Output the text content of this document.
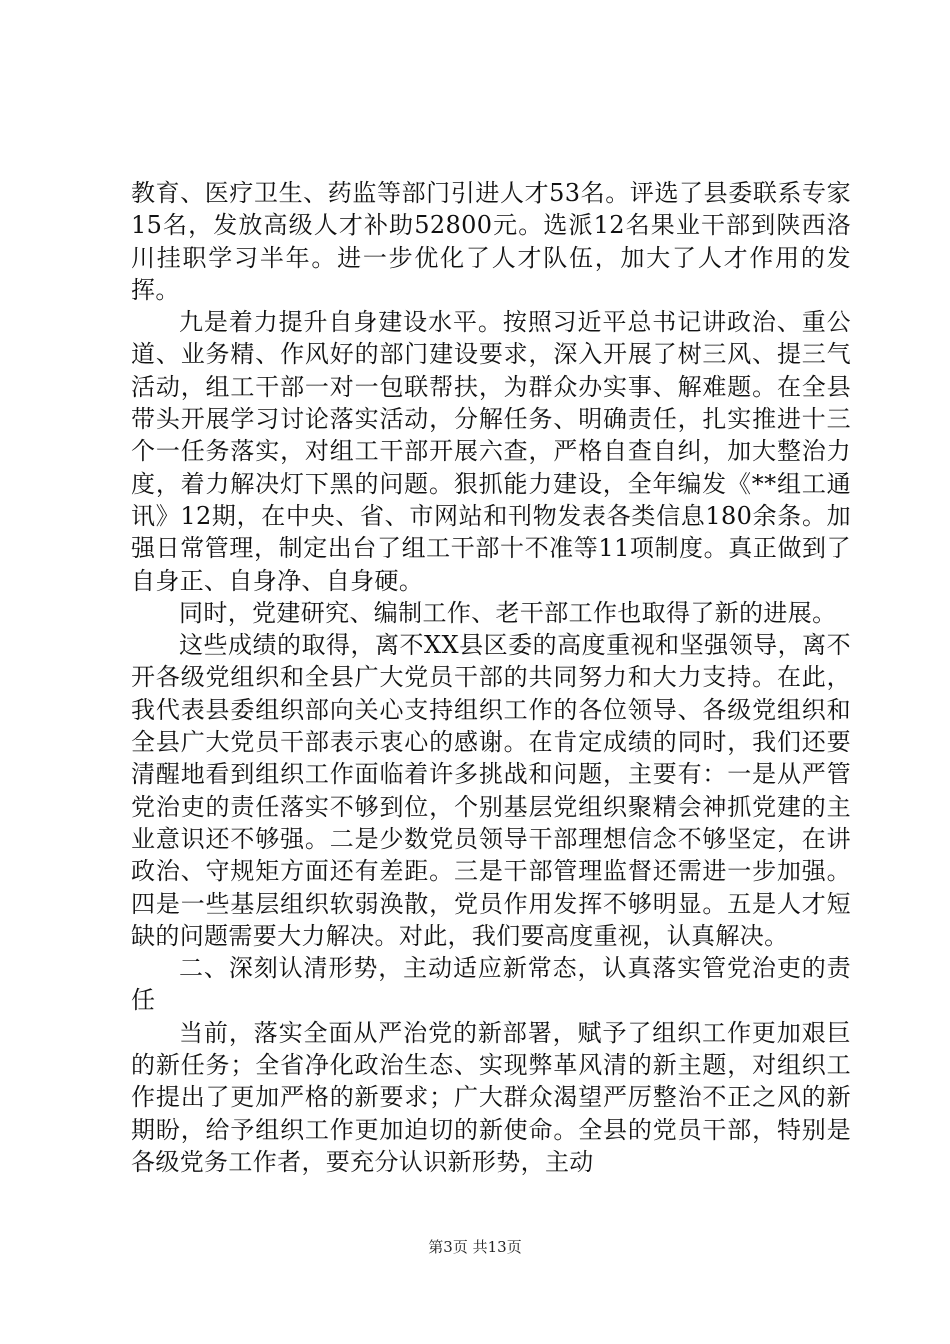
教育、医疗卫生、药监等部门引进人才53名。评选了县委联系专家15名，发放高级人才补助52800元。选派12名果业干部到陕西洛川挂职学习半年。进一步优化了人才队伍，加大了人才作用的发挥。

九是着力提升自身建设水平。按照习近平总书记讲政治、重公道、业务精、作风好的部门建设要求，深入开展了树三风、提三气活动，组工干部一对一包联帮扶，为群众办实事、解难题。在全县带头开展学习讨论落实活动，分解任务、明确责任，扎实推进十三个一任务落实，对组工干部开展六查，严格自查自纠，加大整治力度，着力解决灯下黑的问题。狠抓能力建设，全年编发《**组工通讯》12期，在中央、省、市网站和刊物发表各类信息180余条。加强日常管理，制定出台了组工干部十不准等11项制度。真正做到了自身正、自身净、自身硬。

同时，党建研究、编制工作、老干部工作也取得了新的进展。

这些成绩的取得，离不XX县区委的高度重视和坚强领导，离不开各级党组织和全县广大党员干部的共同努力和大力支持。在此，我代表县委组织部向关心支持组织工作的各位领导、各级党组织和全县广大党员干部表示衷心的感谢。在肯定成绩的同时，我们还要清醒地看到组织工作面临着许多挑战和问题，主要有：一是从严管党治吏的责任落实不够到位，个别基层党组织聚精会神抓党建的主业意识还不够强。二是少数党员领导干部理想信念不够坚定，在讲政治、守规矩方面还有差距。三是干部管理监督还需进一步加强。四是一些基层组织软弱涣散，党员作用发挥不够明显。五是人才短缺的问题需要大力解决。对此，我们要高度重视，认真解决。

二、深刻认清形势，主动适应新常态，认真落实管党治吏的责任

当前，落实全面从严治党的新部署，赋予了组织工作更加艰巨的新任务；全省净化政治生态、实现弊革风清的新主题，对组织工作提出了更加严格的新要求；广大群众渴望严厉整治不正之风的新期盼，给予组织工作更加迫切的新使命。全县的党员干部，特别是各级党务工作者，要充分认识新形势，主动

第3页 共13页
